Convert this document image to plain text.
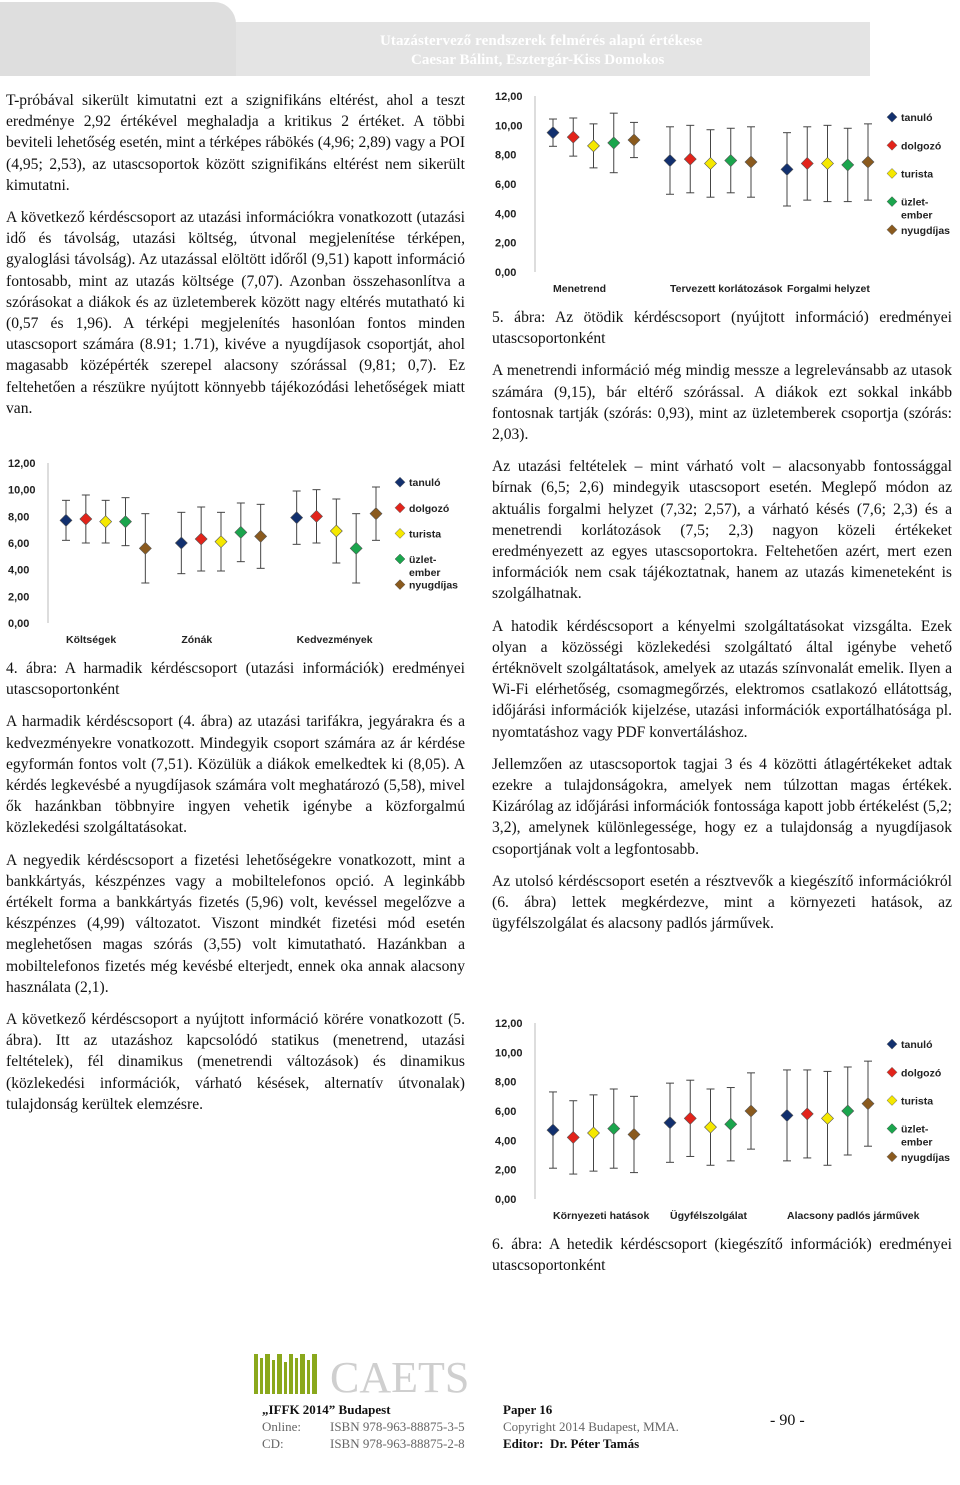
Utazástervező rendszerek felmérés alapú értékese
Caesar Bálint, Esztergár-Kiss Domokos

T-próbával sikerült kimutatni ezt a szignifikáns eltérést, ahol a teszt eredménye 2,92 értékével meghaladja a kritikus 2 értéket. A többi beviteli lehetőség esetén, mint a térképes rábökés (4,96; 2,89) vagy a POI (4,95; 2,53), az utascsoportok között szignifikáns eltérést nem sikerült kimutatni.

A következő kérdéscsoport az utazási információkra vonatkozott (utazási idő és távolság, utazási költség, útvonal megjelenítése térképen, gyaloglási távolság). Az utazással elöltött időről (9,51) kapott információ fontosabb, mint az utazás költsége (7,07). Azonban összehasonlítva a szórásokat a diákok és az üzletemberek között nagy eltérés mutatható ki (0,57 és 1,96). A térképi megjelenítés hasonlóan fontos minden utascsoport számára (8.91; 1.71), kivéve a nyugdíjasok csoportját, ahol magasabb középérték szerepel alacsony szórással (9,81; 0,7). Ez feltehetően a részükre nyújtott könnyebb tájékozódási lehetőségek miatt van.

0,00
2,00
4,00
6,00
8,00
10,00
12,00
Költségek	Zónák	Kedvezmények
tanuló
dolgozó
turista
üzlet-
ember
nyugdíjas

4. ábra: A harmadik kérdéscsoport (utazási információk) eredményei utascsoportonként

A harmadik kérdéscsoport (4. ábra) az utazási tarifákra, jegyárakra és a kedvezményekre vonatkozott. Mindegyik csoport számára az ár kérdése egyformán fontos volt (7,51). Közülük a diákok emelkedtek ki (8,05). A kérdés legkevésbé a nyugdíjasok számára volt meghatározó (5,58), mivel ők hazánkban többnyire ingyen vehetik igénybe a közforgalmú közlekedési szolgáltatásokat.

A negyedik kérdéscsoport a fizetési lehetőségekre vonatkozott, mint a bankkártyás, készpénzes vagy a mobiltelefonos opció. A leginkább értékelt forma a bankkártyás fizetés (5,96) volt, kevéssel megelőzve a készpénzes (4,99) változatot. Viszont mindkét fizetési mód esetén meglehetősen magas szórás (3,55) volt kimutatható. Hazánkban a mobiltelefonos fizetés még kevésbé elterjedt, ennek oka annak alacsony használata (2,1).

A következő kérdéscsoport a nyújtott információ körére vonatkozott (5. ábra). Itt az utazáshoz kapcsolódó statikus (menetrend, utazási feltételek), fél dinamikus (menetrendi változások) és dinamikus (közlekedési információk, várható késések, alternatív útvonalak) tulajdonság kerültek elemzésre.

0,00
2,00
4,00
6,00
8,00
10,00
12,00
Menetrend	Tervezett korlátozások Forgalmi helyzet
tanuló
dolgozó
turista
üzlet-
ember
nyugdíjas

5. ábra: Az ötödik kérdéscsoport (nyújtott információ) eredményei utascsoportonként

A menetrendi információ még mindig messze a legrelevánsabb az utasok számára (9,15), bár eltérő szórással. A diákok ezt sokkal inkább fontosnak tartják (szórás: 0,93), mint az üzletemberek csoportja (szórás: 2,03).

Az utazási feltételek – mint várható volt – alacsonyabb fontossággal bírnak (6,5; 2,6) mindegyik utascsoport esetén. Meglepő módon az aktuális forgalmi helyzet (7,32; 2,57), a várható késés (7,6; 2,3) és a menetrendi korlátozások (7,5; 2,3) nagyon közeli értékeket eredményezett az egyes utascsoportokra. Feltehetően azért, mert ezen információk nem csak tájékoztatnak, hanem az utazás kimeneteként is szolgálhatnak.

A hatodik kérdéscsoport a kényelmi szolgáltatásokat vizsgálta. Ezek olyan a közösségi közlekedési szolgáltató által igénybe vehető értéknövelt szolgáltatások, amelyek az utazás színvonalát emelik. Ilyen a Wi-Fi elérhetőség, csomagmegőrzés, elektromos csatlakozó ellátottság, időjárási információk kijelzése, utazási információk exportálhatósága pl. nyomtatáshoz vagy PDF konvertáláshoz.

Jellemzően az utascsoportok tagjai 3 és 4 közötti átlagértékeket adtak ezekre a tulajdonságokra, amelyek nem túlzottan magas értékek. Kizárólag az időjárási információk fontossága kapott jobb értékelést (5,2; 3,2), amelynek különlegessége, hogy ez a tulajdonság a nyugdíjasok csoportjának volt a legfontosabb.

Az utolsó kérdéscsoport esetén a résztvevők a kiegészítő információkról (6. ábra) lettek megkérdezve, mint a környezeti hatások, az ügyfélszolgálat és alacsony padlós járművek.

0,00
2,00
4,00
6,00
8,00
10,00
12,00
Környezeti hatások Ügyfélszolgálat	Alacsony padlós járművek
tanuló
dolgozó
turista
üzlet-
ember
nyugdíjas

6. ábra: A hetedik kérdéscsoport (kiegészítő információk) eredményei utascsoportonként

CAETS
„IFFK 2014” Budapest
Online: ISBN 978-963-88875-3-5
CD:	ISBN 978-963-88875-2-8
Paper 16
Copyright 2014 Budapest, MMA.
Editor: Dr. Péter Tamás
- 90 -
